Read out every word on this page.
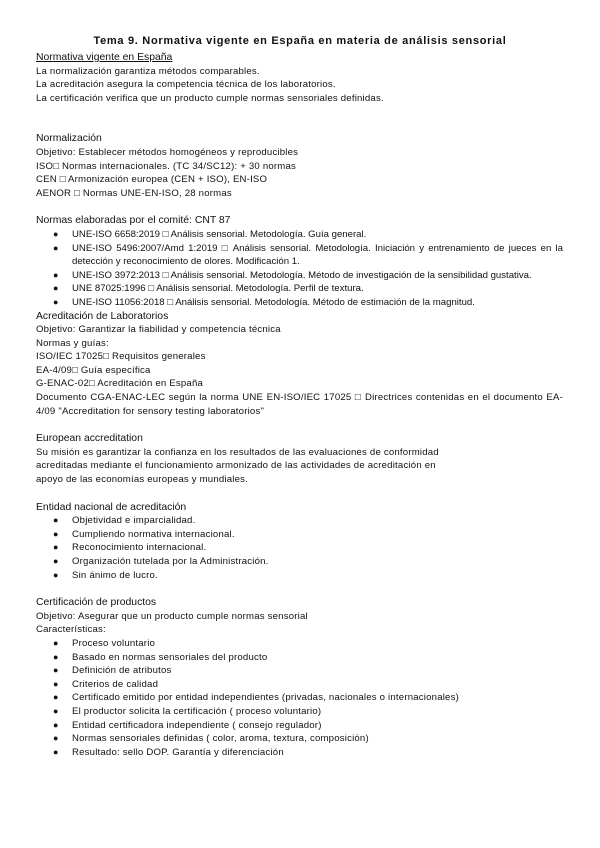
Tema 9. Normativa vigente en España en materia de análisis sensorial

Normativa vigente en España

La normalización garantiza métodos comparables.

La acreditación asegura la competencia técnica de los laboratorios.

La certificación verifica que un producto cumple normas sensoriales definidas.

Normalización

Objetivo: Establecer métodos homogéneos y reproducibles

ISO□ Normas internacionales. (TC 34/SC12): + 30 normas

CEN □ Armonización europea (CEN + ISO), EN-ISO

AENOR □ Normas UNE-EN-ISO, 28 normas

Normas elaboradas por el comité: CNT 87

● UNE-ISO 6658:2019 □ Análisis sensorial. Metodología. Guía general.
● UNE-ISO 5496:2007/Amd 1:2019 □ Análisis sensorial. Metodología. Iniciación y entrenamiento de jueces en la detección y reconocimiento de olores. Modificación 1.
● UNE-ISO 3972:2013 □ Análisis sensorial. Metodología. Método de investigación de la sensibilidad gustativa.
● UNE 87025:1996 □ Análisis sensorial. Metodología. Perfil de textura.
● UNE-ISO 11056:2018 □ Análisis sensorial. Metodología. Método de estimación de la magnitud.

Acreditación de Laboratorios

Objetivo: Garantizar la fiabilidad y competencia técnica

Normas y guías:

ISO/IEC 17025□ Requisitos generales

EA-4/09□ Guía específica

G-ENAC-02□ Acreditación en España

Documento CGA-ENAC-LEC según la norma UNE EN-ISO/IEC 17025 □ Directrices contenidas en el documento EA-4/09 "Accreditation for sensory testing laboratorios"

European accreditation

Su misión es garantizar la confianza en los resultados de las evaluaciones de conformidad

acreditadas mediante el funcionamiento armonizado de las actividades de acreditación en

apoyo de las economías europeas y mundiales.

Entidad nacional de acreditación

● Objetividad e imparcialidad.
● Cumpliendo normativa internacional.
● Reconocimiento internacional.
● Organización tutelada por la Administración.
● Sin ánimo de lucro.

Certificación de productos

Objetivo: Asegurar que un producto cumple normas sensorial

Características:

● Proceso voluntario
● Basado en normas sensoriales del producto
● Definición de atributos
● Criterios de calidad
● Certificado emitido por entidad independientes (privadas, nacionales o internacionales)
● El productor solicita la certificación ( proceso voluntario)
● Entidad certificadora independiente ( consejo regulador)
● Normas sensoriales definidas ( color, aroma, textura, composición)
● Resultado: sello DOP. Garantía y diferenciación
